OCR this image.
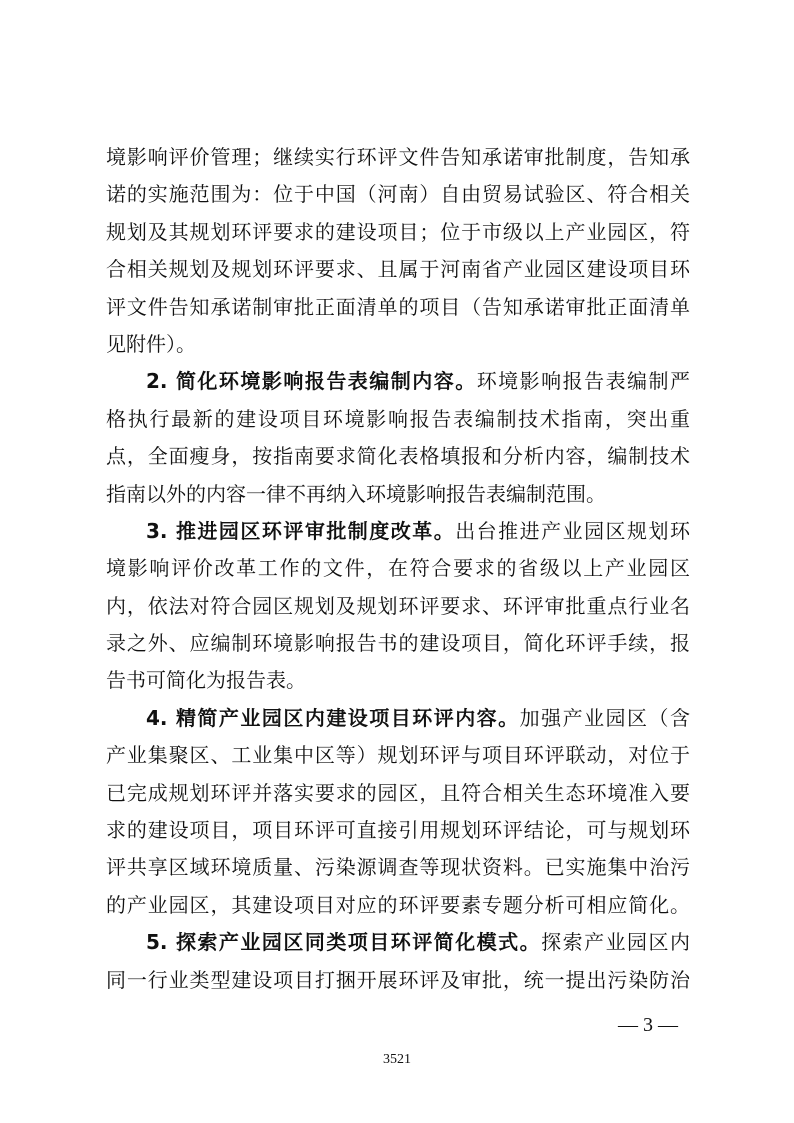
境影响评价管理；继续实行环评文件告知承诺审批制度，告知承
诺的实施范围为：位于中国（河南）自由贸易试验区、符合相关
规划及其规划环评要求的建设项目；位于市级以上产业园区，符
合相关规划及规划环评要求、且属于河南省产业园区建设项目环
评文件告知承诺制审批正面清单的项目（告知承诺审批正面清单
见附件）。
2. 简化环境影响报告表编制内容。环境影响报告表编制严
格执行最新的建设项目环境影响报告表编制技术指南，突出重
点，全面瘦身，按指南要求简化表格填报和分析内容，编制技术
指南以外的内容一律不再纳入环境影响报告表编制范围。
3. 推进园区环评审批制度改革。出台推进产业园区规划环
境影响评价改革工作的文件，在符合要求的省级以上产业园区
内，依法对符合园区规划及规划环评要求、环评审批重点行业名
录之外、应编制环境影响报告书的建设项目，简化环评手续，报
告书可简化为报告表。
4. 精简产业园区内建设项目环评内容。加强产业园区（含
产业集聚区、工业集中区等）规划环评与项目环评联动，对位于
已完成规划环评并落实要求的园区，且符合相关生态环境准入要
求的建设项目，项目环评可直接引用规划环评结论，可与规划环
评共享区域环境质量、污染源调查等现状资料。已实施集中治污
的产业园区，其建设项目对应的环评要素专题分析可相应简化。
5. 探索产业园区同类项目环评简化模式。探索产业园区内
同一行业类型建设项目打捆开展环评及审批，统一提出污染防治
— 3 —
3521
